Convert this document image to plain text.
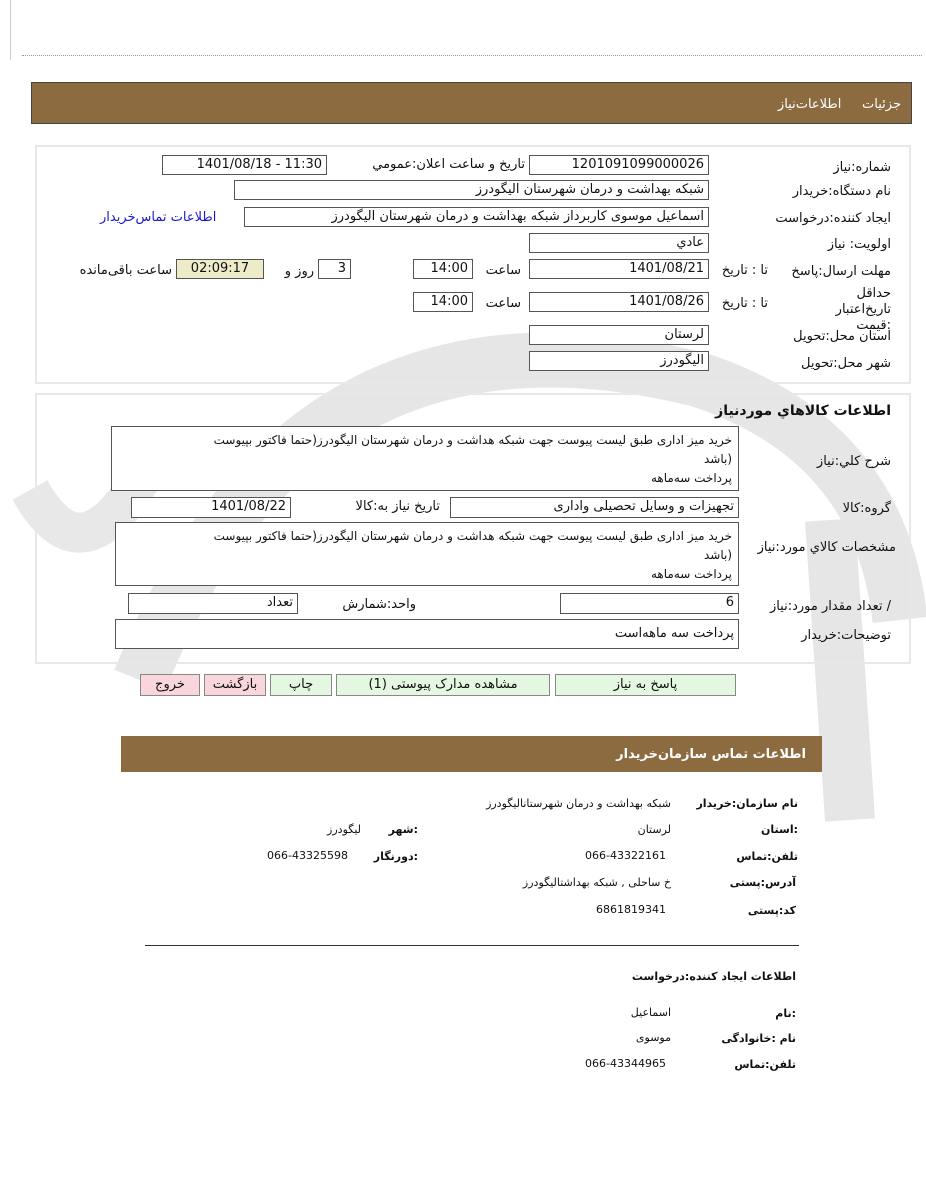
جزئیات     اطلاعات‌نیاز
شماره:نیاز
1201091099000026
تاریخ و ساعت اعلان:عمومي
1401/08/18 - 11:30
نام دستگاه:خریدار
شبکه بهداشت و درمان شهرستان الیگودرز
ایجاد کننده:درخواست
اسماعیل موسوی کاربرداز شبکه بهداشت و درمان شهرستان الیگودرز
اطلاعات تماس‌خریدار
اولویت: نیاز
عادي
مهلت ارسال:پاسخ
تا : تاریخ
1401/08/21
ساعت
14:00
3
روز و
02:09:17
ساعت باقی‌مانده
حداقل تاریخ‌اعتبار :قیمت
تا : تاریخ
1401/08/26
ساعت
14:00
استان محل:تحویل
لرستان
شهر محل:تحویل
الیگودرز
اطلاعات کالاهاي موردنیاز
شرح کلي:نیاز
خرید میز اداری طبق لیست پیوست جهت شبکه هداشت و درمان شهرستان الیگودرز(حتما فاکتور بپیوست
(باشد
پرداخت سه‌ماهه
گروه:کالا
تجهیزات و وسایل تحصیلی واداری
تاریخ نیاز به:کالا
1401/08/22
مشخصات کالاي مورد:نیاز
خرید میز اداری طبق لیست پیوست جهت شبکه هداشت و درمان شهرستان الیگودرز(حتما فاکتور بپیوست
(باشد
پرداخت سه‌ماهه
/ تعداد مقدار مورد:نیاز
6
واحد:شمارش
تعداد
توضیحات:خریدار
پرداخت سه ماهه‌است
پاسخ به نیاز
مشاهده مدارک پیوستی (1)
چاپ
بازگشت
خروج
اطلاعات تماس سازمان‌خریدار
نام سازمان:خریدار
شبکه بهداشت و درمان شهرستانالیگودرز
:استان
لرستان
:شهر
لیگودرز
تلفن:تماس
066-43322161
:دورنگار
066-43325598
آدرس:پستی
خ ساحلی , شبکه بهداشتالیگودرز
کد:پستی
6861819341
اطلاعات ایجاد کننده:درخواست
:نام
اسماعیل
نام :خانوادگی
موسوی
تلفن:تماس
066-43344965
